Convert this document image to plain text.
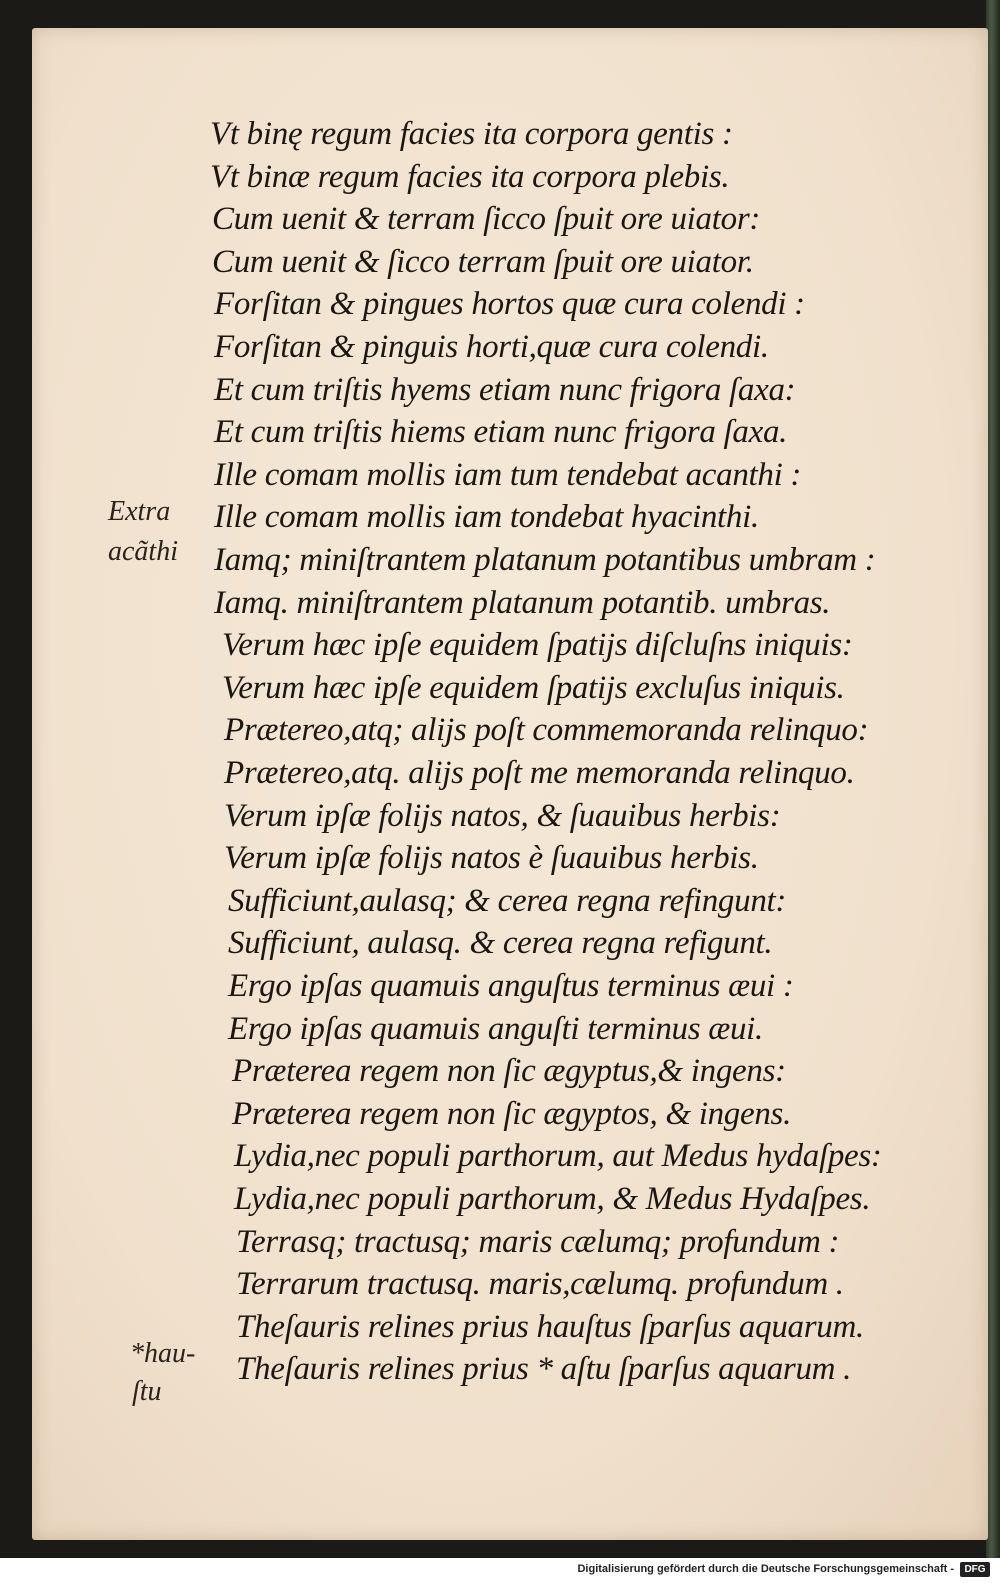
Vt binę regum facies ita corpora gentis :
Vt binæ regum facies ita corpora plebis.
Cum uenit & terram ſicco ſpuit ore uiator:
Cum uenit & ſicco terram ſpuit ore uiator.
Forſitan & pingues hortos quæ cura colendi :
Forſitan & pinguis horti,quæ cura colendi.
Et cum triſtis hyems etiam nunc frigora ſaxa:
Et cum triſtis hiems etiam nunc frigora ſaxa.
Ille comam mollis iam tum tendebat acanthi :
Ille comam mollis iam tondebat hyacinthi.
Iamq; miniſtrantem platanum potantibus umbram :
Iamq. miniſtrantem platanum potantib. umbras.
Verum hæc ipſe equidem ſpatijs diſcluſns iniquis:
Verum hæc ipſe equidem ſpatijs excluſus iniquis.
Prætereo,atq; alijs poſt commemoranda relinquo:
Prætereo,atq. alijs poſt me memoranda relinquo.
Verum ipſæ folijs natos, & ſuauibus herbis:
Verum ipſæ folijs natos è ſuauibus herbis.
Sufficiunt,aulasq; & cerea regna refingunt:
Sufficiunt, aulasq. & cerea regna refigunt.
Ergo ipſas quamuis anguſtus terminus æui :
Ergo ipſas quamuis anguſti terminus æui.
Præterea regem non ſic ægyptus,& ingens:
Præterea regem non ſic ægyptos, & ingens.
Lydia,nec populi parthorum, aut Medus hydaſpes:
Lydia,nec populi parthorum, & Medus Hydaſpes.
Terrasq; tractusq; maris cælumq; profundum :
Terrarum tractusq. maris,cælumq. profundum .
Theſauris relines prius hauſtus ſparſus aquarum.
Theſauris relines prius * aſtu ſparſus aquarum .
Extra
acãthi
*hau-
ſtu
Digitalisierung gefördert durch die Deutsche Forschungsgemeinschaft -	DFG
